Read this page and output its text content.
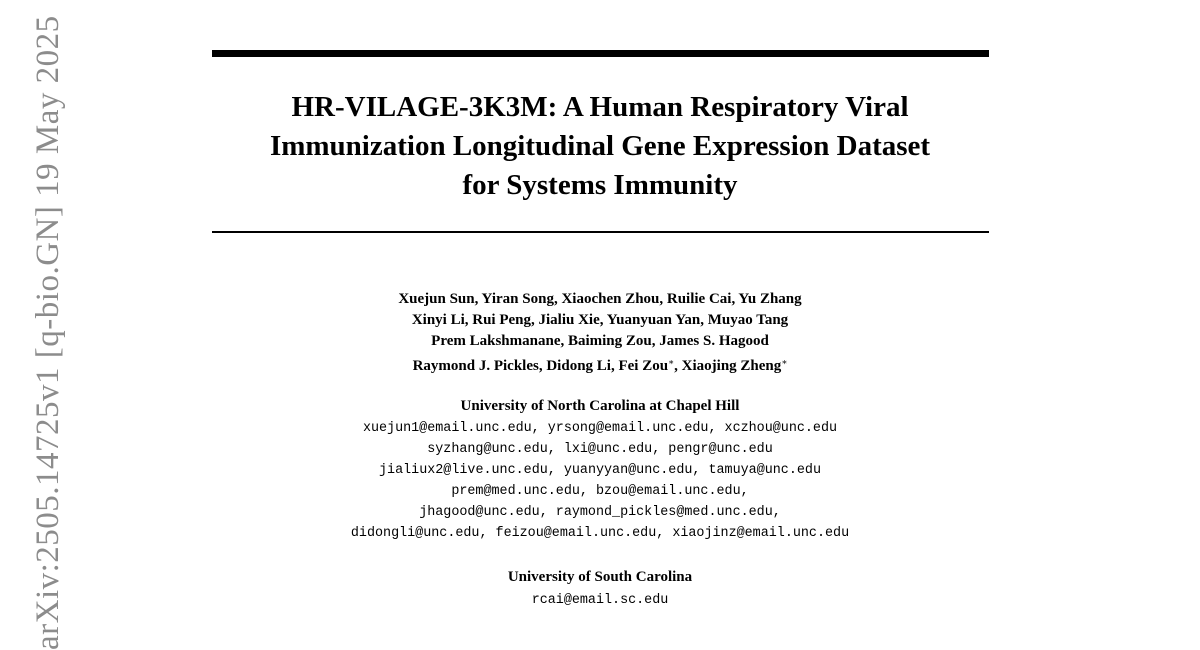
arXiv:2505.14725v1 [q-bio.GN] 19 May 2025	HR-VILAGE-3K3M: A Human Respiratory Viral
Immunization Longitudinal Gene Expression Dataset
for Systems Immunity
Xuejun Sun, Yiran Song, Xiaochen Zhou, Ruilie Cai, Yu Zhang
Xinyi Li, Rui Peng, Jialiu Xie, Yuanyuan Yan, Muyao Tang
Prem Lakshmanane, Baiming Zou, James S. Hagood
Raymond J. Pickles, Didong Li, Fei Zou∗, Xiaojing Zheng∗
University of North Carolina at Chapel Hill
xuejun1@email.unc.edu, yrsong@email.unc.edu, xczhou@unc.edu
syzhang@unc.edu, lxi@unc.edu, pengr@unc.edu
jialiux2@live.unc.edu, yuanyyan@unc.edu, tamuya@unc.edu
prem@med.unc.edu, bzou@email.unc.edu,
jhagood@unc.edu, raymond_pickles@med.unc.edu,
didongli@unc.edu, feizou@email.unc.edu, xiaojinz@email.unc.edu
University of South Carolina
rcai@email.sc.edu
